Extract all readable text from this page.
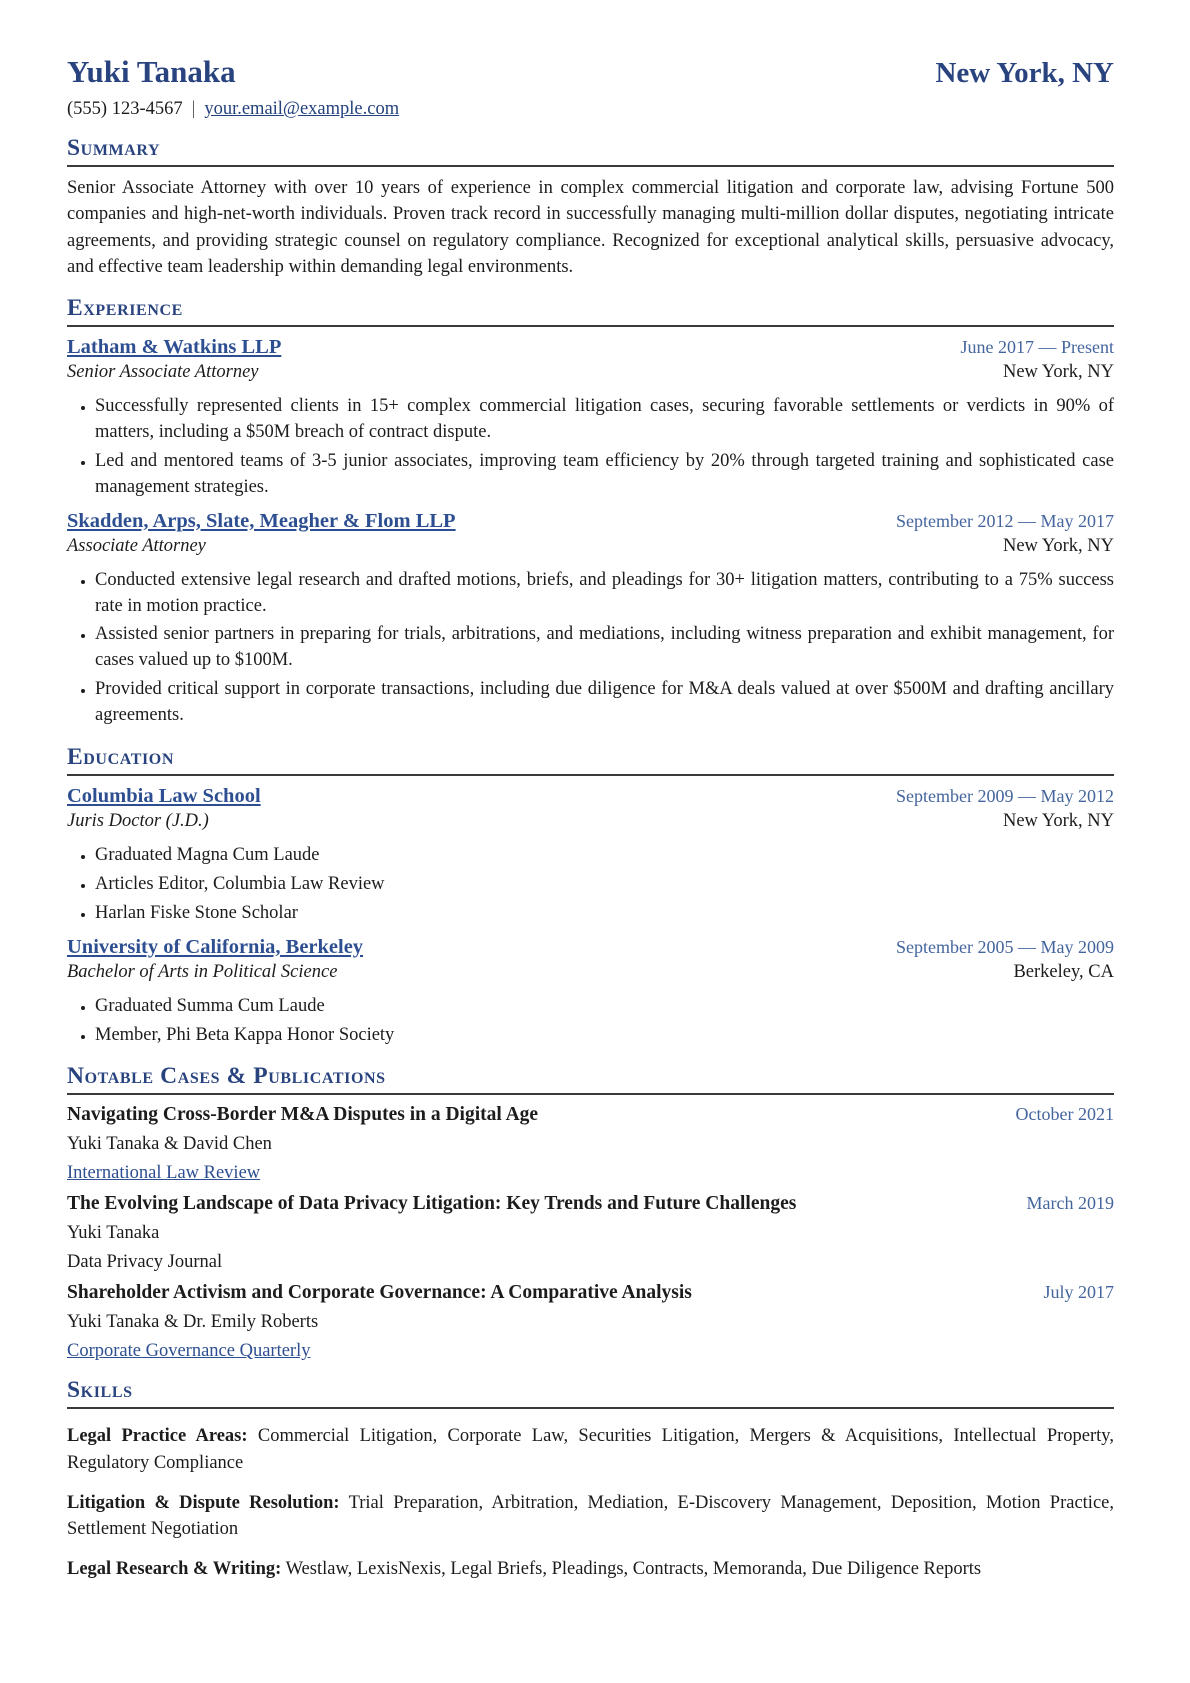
Yuki Tanaka	New York, NY
(555) 123-4567 | your.email@example.com
Summary
Senior Associate Attorney with over 10 years of experience in complex commercial litigation and corporate law, advising Fortune 500 companies and high-net-worth individuals. Proven track record in successfully managing multi-million dollar disputes, negotiating intricate agreements, and providing strategic counsel on regulatory compliance. Recognized for exceptional analytical skills, persuasive advocacy, and effective team leadership within demanding legal environments.
Experience
Latham & Watkins LLP	June 2017 — Present
Senior Associate Attorney	New York, NY
• Successfully represented clients in 15+ complex commercial litigation cases, securing favorable settlements or verdicts in 90% of matters, including a $50M breach of contract dispute.
• Led and mentored teams of 3-5 junior associates, improving team efficiency by 20% through targeted training and sophisticated case management strategies.
Skadden, Arps, Slate, Meagher & Flom LLP	September 2012 — May 2017
Associate Attorney	New York, NY
• Conducted extensive legal research and drafted motions, briefs, and pleadings for 30+ litigation matters, contributing to a 75% success rate in motion practice.
• Assisted senior partners in preparing for trials, arbitrations, and mediations, including witness preparation and exhibit management, for cases valued up to $100M.
• Provided critical support in corporate transactions, including due diligence for M&A deals valued at over $500M and drafting ancillary agreements.
Education
Columbia Law School	September 2009 — May 2012
Juris Doctor (J.D.)	New York, NY
• Graduated Magna Cum Laude
• Articles Editor, Columbia Law Review
• Harlan Fiske Stone Scholar
University of California, Berkeley	September 2005 — May 2009
Bachelor of Arts in Political Science	Berkeley, CA
• Graduated Summa Cum Laude
• Member, Phi Beta Kappa Honor Society
Notable Cases & Publications
Navigating Cross-Border M&A Disputes in a Digital Age	October 2021
Yuki Tanaka & David Chen
International Law Review
The Evolving Landscape of Data Privacy Litigation: Key Trends and Future Challenges	March 2019
Yuki Tanaka
Data Privacy Journal
Shareholder Activism and Corporate Governance: A Comparative Analysis	July 2017
Yuki Tanaka & Dr. Emily Roberts
Corporate Governance Quarterly
Skills
Legal Practice Areas: Commercial Litigation, Corporate Law, Securities Litigation, Mergers & Acquisitions, Intellectual Property, Regulatory Compliance
Litigation & Dispute Resolution: Trial Preparation, Arbitration, Mediation, E-Discovery Management, Deposition, Motion Practice, Settlement Negotiation
Legal Research & Writing: Westlaw, LexisNexis, Legal Briefs, Pleadings, Contracts, Memoranda, Due Diligence Reports
